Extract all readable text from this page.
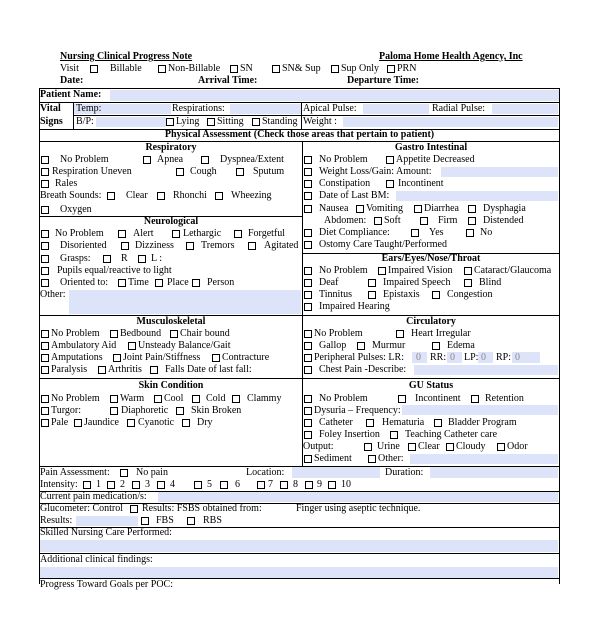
Nursing Clinical Progress Note	Paloma Home Health Agency, Inc
Visit	Billable	Non-Billable SN	SN& Sup Sup Only PRN
Date:	Arrival Time:	Departure Time:
Patient Name:
Vital Temp:	Respirations:	Apical Pulse:	Radial Pulse:
Signs B/P:	Lying Sitting Standing Weight :
Physical Assessment (Check those areas that pertain to patient)
Respiratory
No Problem	Apnea	Dyspnea/Extent
Respiration Uneven	Cough	Sputum
Rales
Breath Sounds: Clear	Rhonchi Wheezing
Oxygen
Gastro Intestinal
No Problem	Appetite Decreased
Weight Loss/Gain: Amount:
Constipation	Incontinent
Date of Last BM:
Nausea Vomiting Diarrhea Dysphagia
Abdomen: Soft	Firm	Distended
Diet Compliance:	Yes	No
Ostomy Care Taught/Performed
Neurological
No Problem	Alert	Lethargic	Forgetful
Disoriented	Dizziness	Tremors	Agitated
Grasps:	R L :
Pupils equal/reactive to light
Oriented to: Time Place Person
Other:
Ears/Eyes/Nose/Throat
No Problem Impaired Vision Cataract/Glaucoma
Deaf	Impaired Speech	Blind
Tinnitus	Epistaxis	Congestion
Impaired Hearing
Musculoskeletal
No Problem Bedbound Chair bound
Ambulatory Aid Unsteady Balance/Gait
Amputations Joint Pain/Stiffness Contracture
Paralysis Arthritis Falls Date of last fall:
Circulatory
No Problem	Heart Irregular
Gallop	Murmur	Edema
Peripheral Pulses: LR: 0 RR: 0 LP: 0 RP: 0
Chest Pain -Describe:
Skin Condition
No Problem Warm Cool Cold Clammy
Turgor:	Diaphoretic Skin Broken
Pale Jaundice Cyanotic Dry
GU Status
No Problem	Incontinent Retention
Dysuria – Frequency:
Catheter	Hematuria Bladder Program
Foley Insertion	Teaching Catheter care
Output:	Urine Clear Cloudy Odor
Sediment	Other:
Pain Assessment:	No pain	Location:	Duration:
Intensity: 1 2 3 4	5 6	7 8 9 10
Current pain medication/s:
Glucometer: Control Results: FSBS obtained from:	Finger using aseptic technique.
Results:	FBS	RBS
Skilled Nursing Care Performed:
Additional clinical findings:
Progress Toward Goals per POC:
